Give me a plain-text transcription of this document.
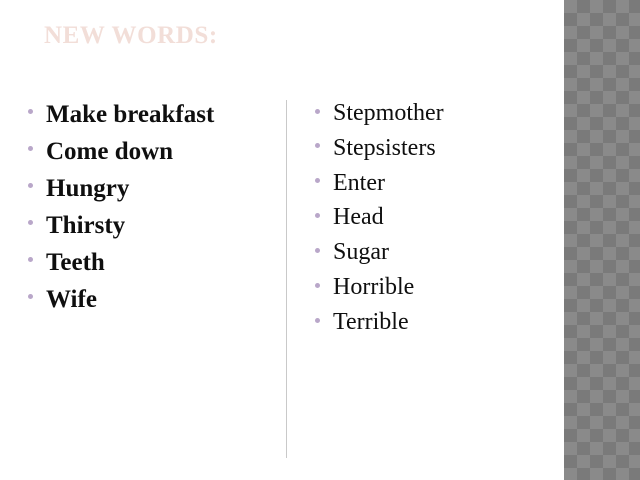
NEW WORDS:
Make breakfast
Come down
Hungry
Thirsty
Teeth
Wife
Stepmother
Stepsisters
Enter
Head
Sugar
Horrible
Terrible
